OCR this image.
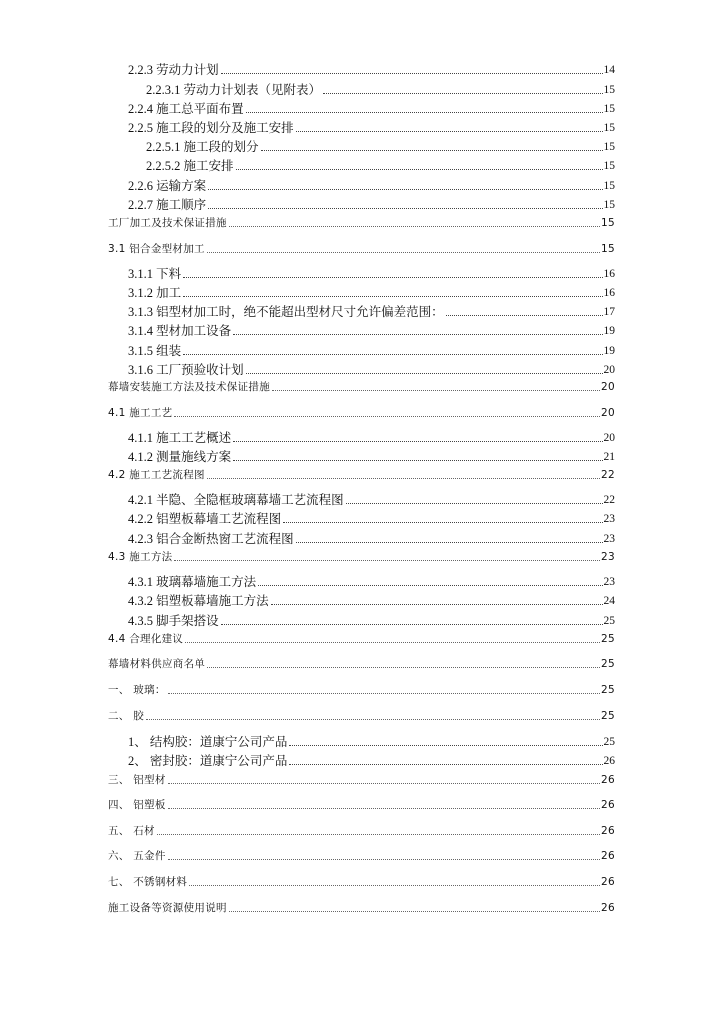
2.2.3 劳动力计划	14
2.2.3.1 劳动力计划表（见附表）	15
2.2.4 施工总平面布置	15
2.2.5 施工段的划分及施工安排	15
2.2.5.1 施工段的划分	15
2.2.5.2 施工安排	15
2.2.6 运输方案	15
2.2.7 施工顺序	15
工厂加工及技术保证措施	15
3.1 铝合金型材加工	15
3.1.1 下料	16
3.1.2 加工	16
3.1.3 铝型材加工时，绝不能超出型材尺寸允许偏差范围：	17
3.1.4 型材加工设备	19
3.1.5 组装	19
3.1.6 工厂预验收计划	20
幕墙安装施工方法及技术保证措施	20
4.1 施工工艺	20
4.1.1 施工工艺概述	20
4.1.2 测量施线方案	21
4.2 施工工艺流程图	22
4.2.1 半隐、全隐框玻璃幕墙工艺流程图	22
4.2.2 铝塑板幕墙工艺流程图	23
4.2.3 铝合金断热窗工艺流程图	23
4.3 施工方法	23
4.3.1 玻璃幕墙施工方法	23
4.3.2 铝塑板幕墙施工方法	24
4.3.5 脚手架搭设	25
4.4 合理化建议	25
幕墙材料供应商名单	25
一、 玻璃：	25
二、 胶	25
1、 结构胶：道康宁公司产品	25
2、 密封胶：道康宁公司产品	26
三、 铝型材	26
四、 铝塑板	26
五、 石材	26
六、 五金件	26
七、 不锈钢材料	26
施工设备等资源使用说明	26
